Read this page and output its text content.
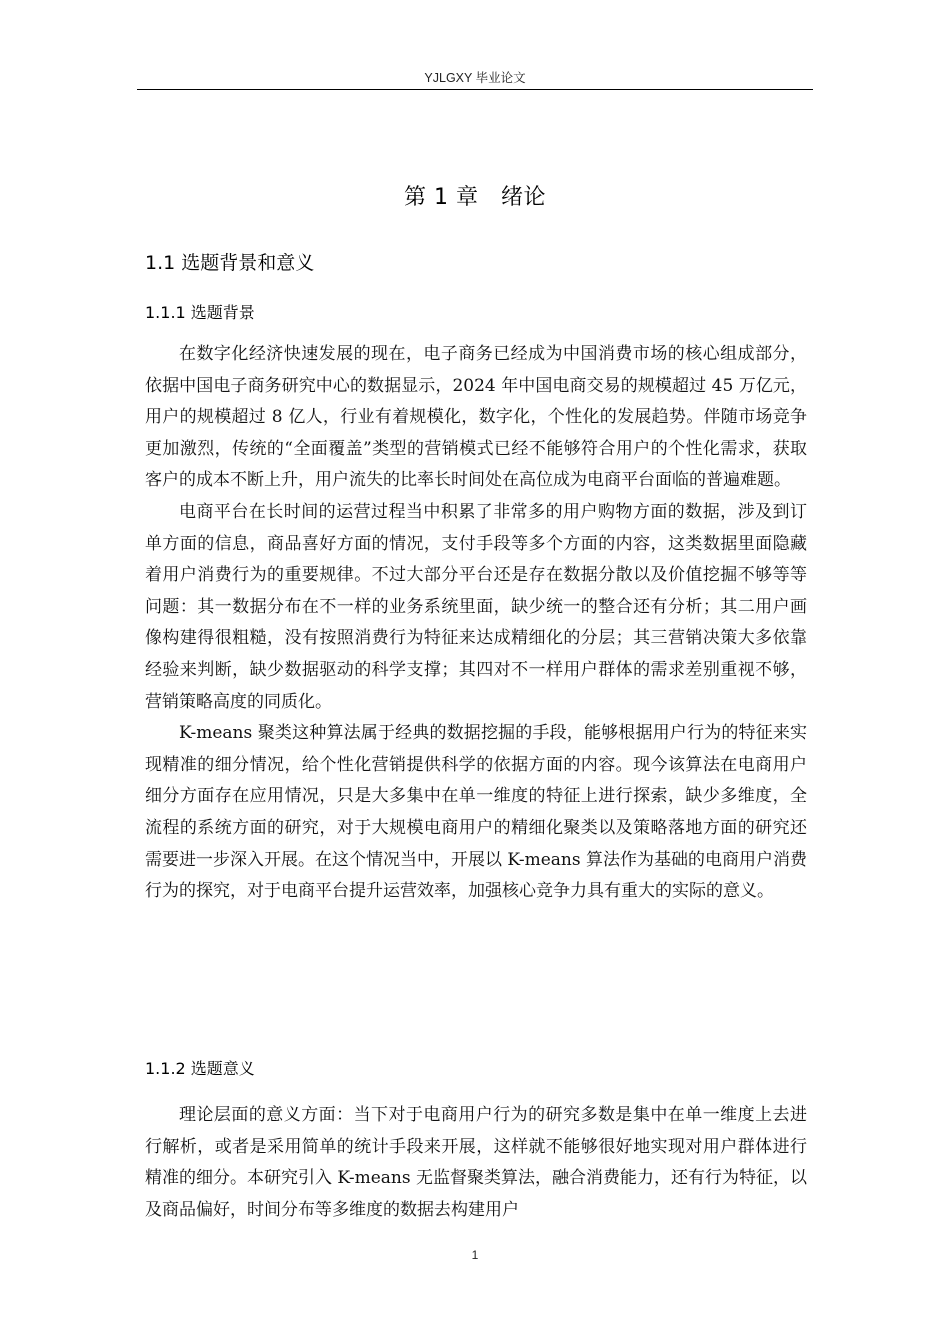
YJLGXY 毕业论文
第 1 章　绪论
1.1 选题背景和意义
1.1.1 选题背景

在数字化经济快速发展的现在，电子商务已经成为中国消费市场的核心组成部分，依据中国电子商务研究中心的数据显示，2024 年中国电商交易的规模超过 45 万亿元，用户的规模超过 8 亿人，行业有着规模化，数字化，个性化的发展趋势。伴随市场竞争更加激烈，传统的“全面覆盖”类型的营销模式已经不能够符合用户的个性化需求，获取客户的成本不断上升，用户流失的比率长时间处在高位成为电商平台面临的普遍难题。

电商平台在长时间的运营过程当中积累了非常多的用户购物方面的数据，涉及到订单方面的信息，商品喜好方面的情况，支付手段等多个方面的内容，这类数据里面隐藏着用户消费行为的重要规律。不过大部分平台还是存在数据分散以及价值挖掘不够等等问题：其一数据分布在不一样的业务系统里面，缺少统一的整合还有分析；其二用户画像构建得很粗糙，没有按照消费行为特征来达成精细化的分层；其三营销决策大多依靠经验来判断，缺少数据驱动的科学支撑；其四对不一样用户群体的需求差别重视不够，营销策略高度的同质化。

K-means 聚类这种算法属于经典的数据挖掘的手段，能够根据用户行为的特征来实现精准的细分情况，给个性化营销提供科学的依据方面的内容。现今该算法在电商用户细分方面存在应用情况，只是大多集中在单一维度的特征上进行探索，缺少多维度，全流程的系统方面的研究，对于大规模电商用户的精细化聚类以及策略落地方面的研究还需要进一步深入开展。在这个情况当中，开展以 K-means 算法作为基础的电商用户消费行为的探究，对于电商平台提升运营效率，加强核心竞争力具有重大的实际的意义。

1.1.2 选题意义

理论层面的意义方面：当下对于电商用户行为的研究多数是集中在单一维度上去进行解析，或者是采用简单的统计手段来开展，这样就不能够很好地实现对用户群体进行精准的细分。本研究引入 K-means 无监督聚类算法，融合消费能力，还有行为特征，以及商品偏好，时间分布等多维度的数据去构建用户

1
